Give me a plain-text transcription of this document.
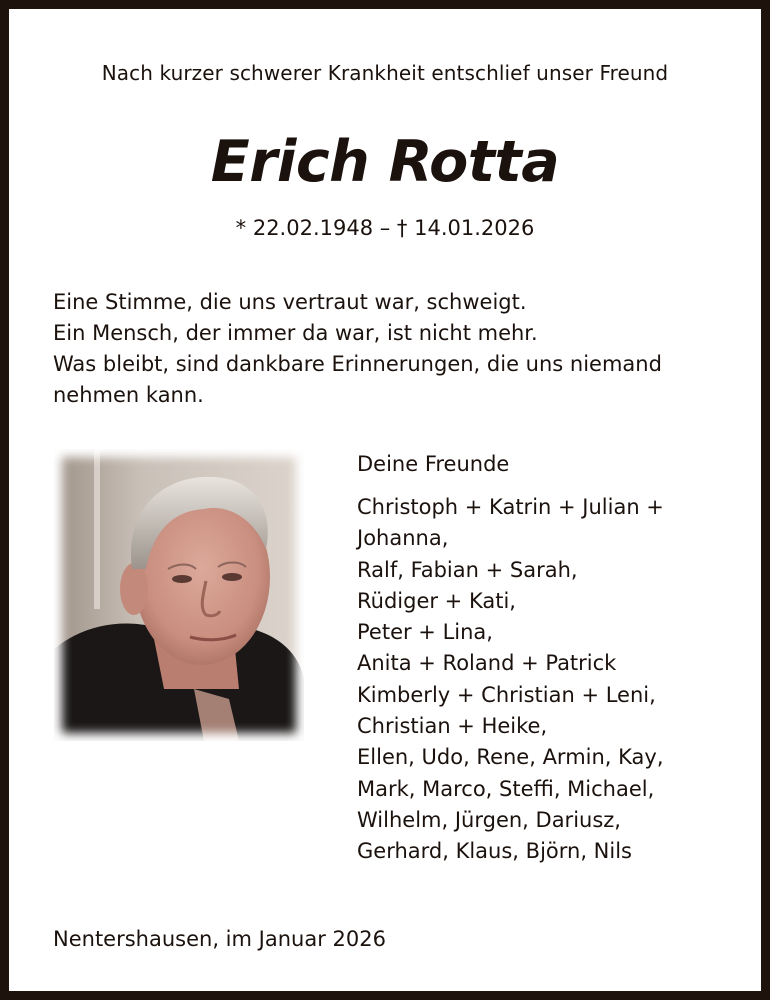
Nach kurzer schwerer Krankheit entschlief unser Freund
Erich Rotta
* 22.02.1948 – † 14.01.2026
Eine Stimme, die uns vertraut war, schweigt.
Ein Mensch, der immer da war, ist nicht mehr.
Was bleibt, sind dankbare Erinnerungen, die uns niemand
nehmen kann.
Deine Freunde
Christoph + Katrin + Julian +
Johanna,
Ralf, Fabian + Sarah,
Rüdiger + Kati,
Peter + Lina,
Anita + Roland + Patrick
Kimberly + Christian + Leni,
Christian + Heike,
Ellen, Udo, Rene, Armin, Kay,
Mark, Marco, Steffi, Michael,
Wilhelm, Jürgen, Dariusz,
Gerhard, Klaus, Björn, Nils
Nentershausen, im Januar 2026
